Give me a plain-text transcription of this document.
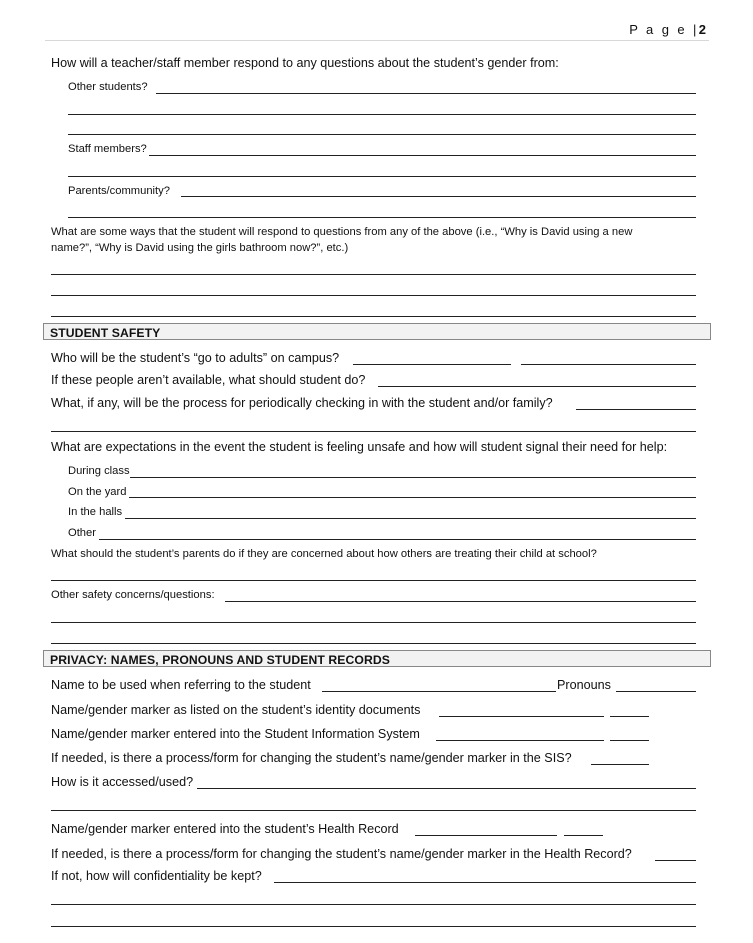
P a g e |2
How will a teacher/staff member respond to any questions about the student’s gender from:
Other students?
Staff members?
Parents/community?
What are some ways that the student will respond to questions from any of the above (i.e., “Why is David using a new
name?”, “Why is David using the girls bathroom now?”, etc.)
STUDENT SAFETY
Who will be the student’s “go to adults” on campus?
If these people aren’t available, what should student do?
What, if any, will be the process for periodically checking in with the student and/or family?
What are expectations in the event the student is feeling unsafe and how will student signal their need for help:
During class
On the yard
In the halls
Other
What should the student’s parents do if they are concerned about how others are treating their child at school?
Other safety concerns/questions:
PRIVACY: NAMES, PRONOUNS AND STUDENT RECORDS
Name to be used when referring to the student	Pronouns
Name/gender marker as listed on the student’s identity documents
Name/gender marker entered into the Student Information System
If needed, is there a process/form for changing the student’s name/gender marker in the SIS?
How is it accessed/used?
Name/gender marker entered into the student’s Health Record
If needed, is there a process/form for changing the student’s name/gender marker in the Health Record?
If not, how will confidentiality be kept?
